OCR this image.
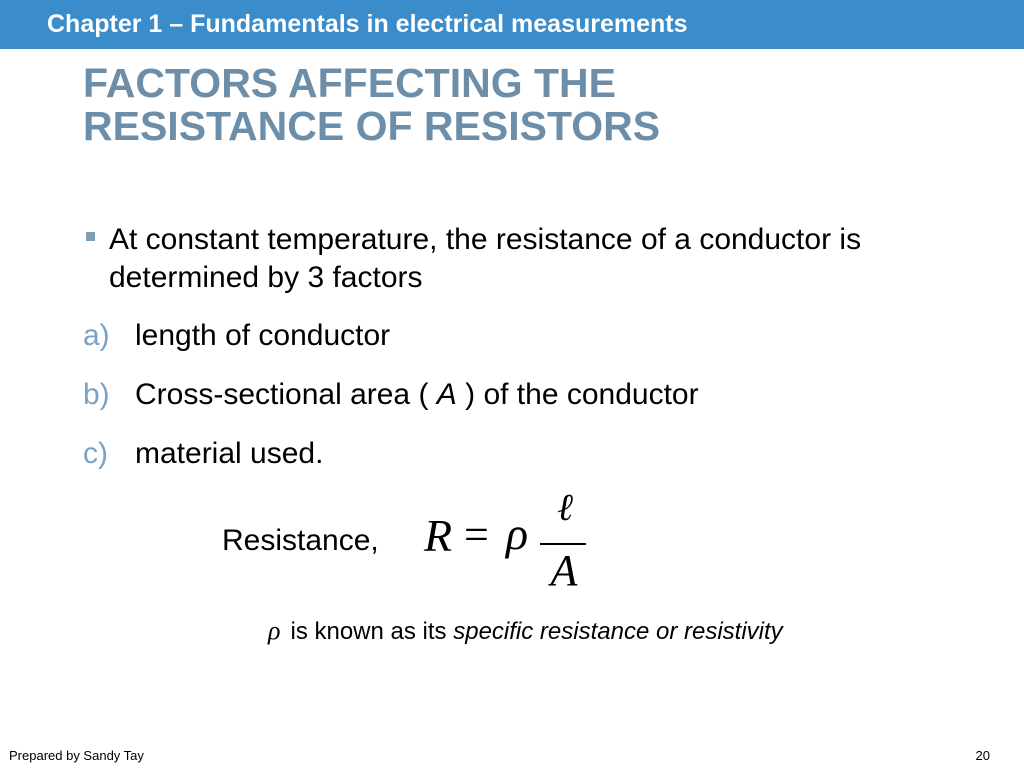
Chapter 1 – Fundamentals in electrical measurements
FACTORS AFFECTING THE
RESISTANCE OF RESISTORS
At constant temperature, the resistance of a conductor is determined by 3 factors
a) length of conductor
b) Cross-sectional area ( A ) of the conductor
c) material used.
Resistance, R = ρ ℓ
A
ρ is known as its specific resistance or resistivity
Prepared by Sandy Tay	20
